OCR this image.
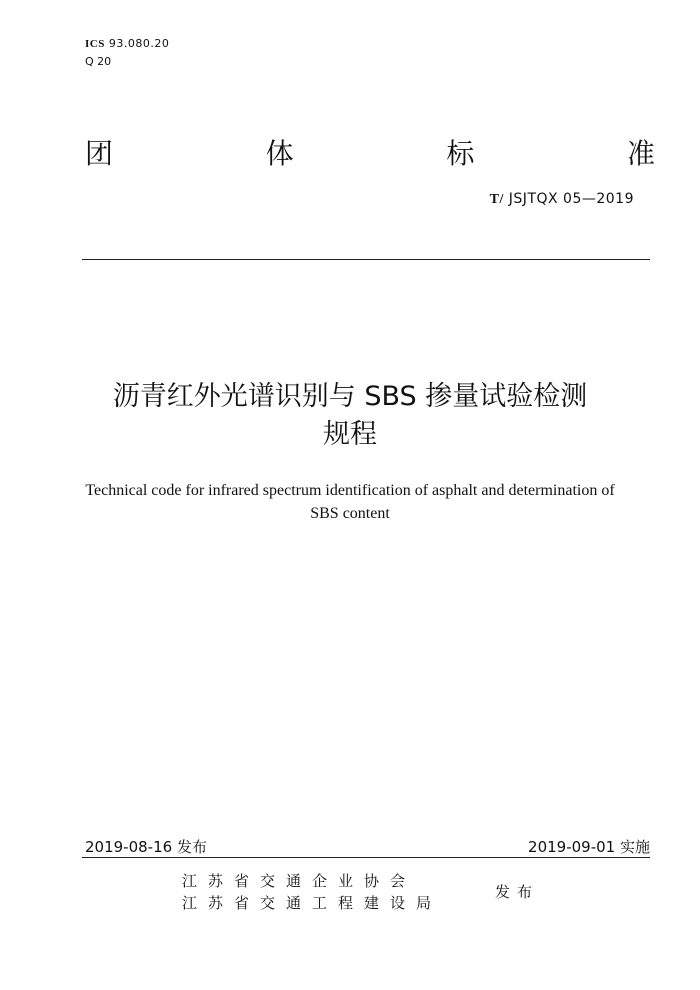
ICS 93.080.20
Q 20
团	体	标	准
T/ JSJTQX 05—2019
沥青红外光谱识别与 SBS 掺量试验检测
规程
Technical code for infrared spectrum identification of asphalt and determination of
SBS content
2019-08-16 发布	2019-09-01 实施
江苏省交通企业协会
江苏省交通工程建设局
发布
